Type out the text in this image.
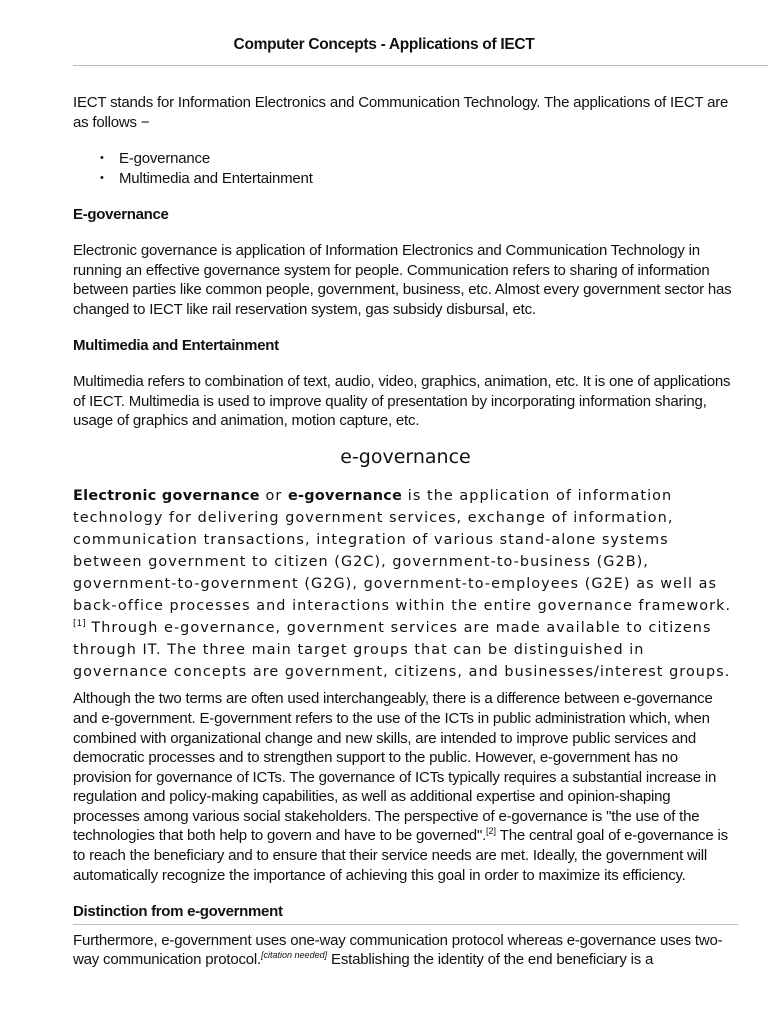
Computer Concepts - Applications of IECT

IECT stands for Information Electronics and Communication Technology. The applications of IECT are as follows −

• E-governance
• Multimedia and Entertainment
E-governance

Electronic governance is application of Information Electronics and Communication Technology in running an effective governance system for people. Communication refers to sharing of information between parties like common people, government, business, etc. Almost every government sector has changed to IECT like rail reservation system, gas subsidy disbursal, etc.

Multimedia and Entertainment

Multimedia refers to combination of text, audio, video, graphics, animation, etc. It is one of applications of IECT. Multimedia is used to improve quality of presentation by incorporating information sharing, usage of graphics and animation, motion capture, etc.

e-governance

Electronic governance or e-governance is the application of information technology for delivering government services, exchange of information, communication transactions, integration of various stand-alone systems between government to citizen (G2C), government-to-business (G2B), government-to-government (G2G), government-to-employees (G2E) as well as back-office processes and interactions within the entire governance framework.
[1] Through e-governance, government services are made available to citizens through IT. The three main target groups that can be distinguished in governance concepts are government, citizens, and businesses/interest groups.

Although the two terms are often used interchangeably, there is a difference between e-governance and e-government. E-government refers to the use of the ICTs in public administration which, when combined with organizational change and new skills, are intended to improve public services and democratic processes and to strengthen support to the public. However, e-government has no provision for governance of ICTs. The governance of ICTs typically requires a substantial increase in regulation and policy-making capabilities, as well as additional expertise and opinion-shaping processes among various social stakeholders. The perspective of e-governance is "the use of the technologies that both help to govern and have to be governed".[2] The central goal of e-governance is to reach the beneficiary and to ensure that their service needs are met. Ideally, the government will automatically recognize the importance of achieving this goal in order to maximize its efficiency.

Distinction from e-government

Furthermore, e-government uses one-way communication protocol whereas e-governance uses two-way communication protocol.[citation needed] Establishing the identity of the end beneficiary is a
